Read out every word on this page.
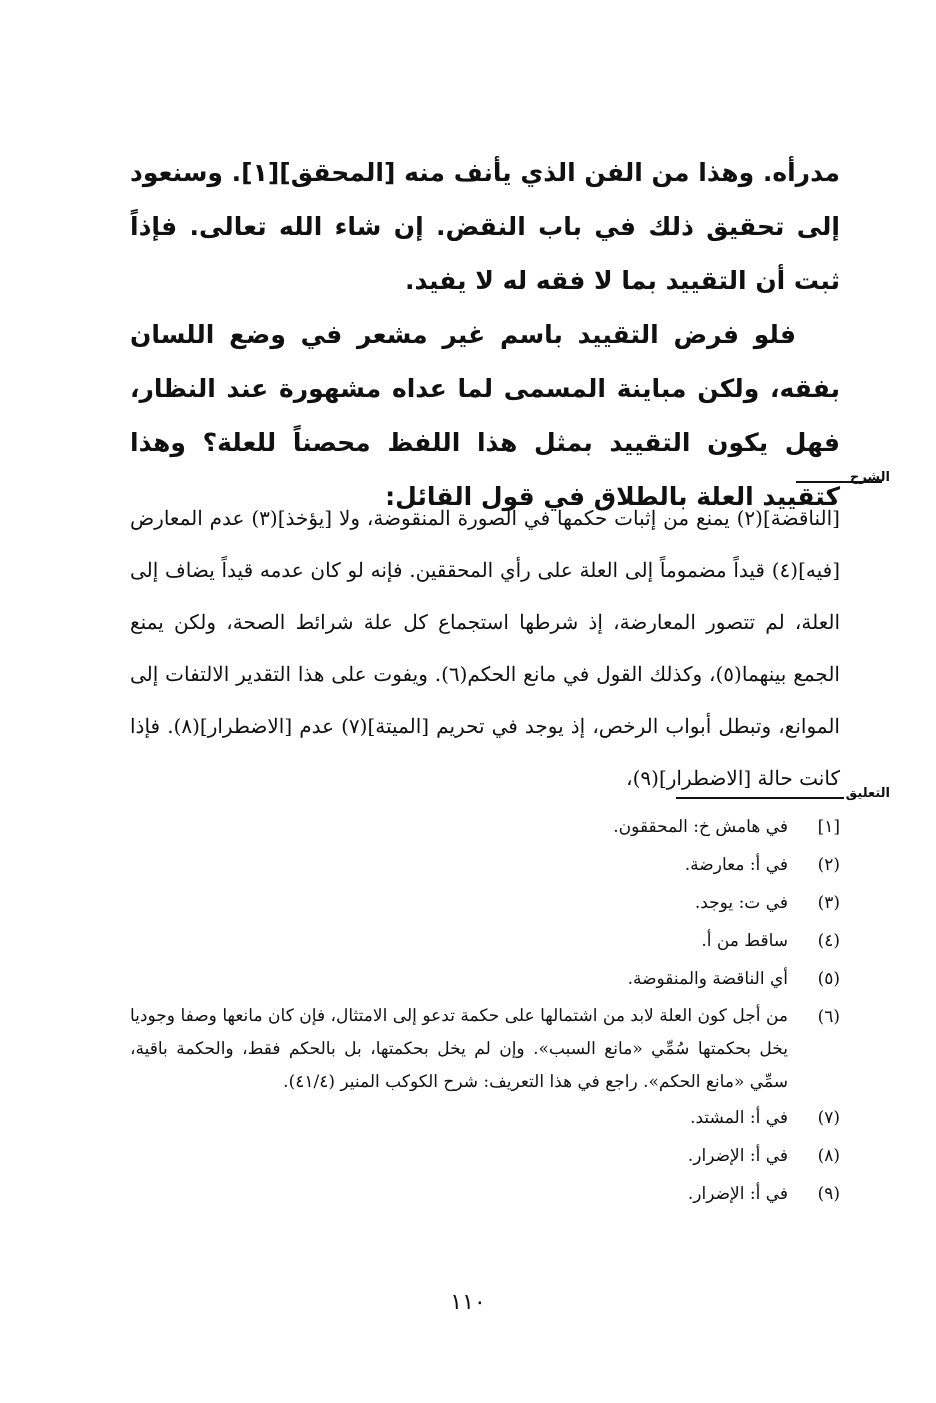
مدرأه. وهذا من الفن الذي يأنف منه [المحقق][١]. وسنعود إلى تحقيق ذلك في باب النقض. إن شاء الله تعالى. فإذاً ثبت أن التقييد بما لا فقه له لا يفيد.

فلو فرض التقييد باسم غير مشعر في وضع اللسان بفقه، ولكن مباينة المسمى لما عداه مشهورة عند النظار، فهل يكون التقييد بمثل هذا اللفظ محصناً للعلة؟ وهذا كتقييد العلة بالطلاق في قول القائل:

الشرح

[الناقضة](٢) يمنع من إثبات حكمها في الصورة المنقوضة، ولا [يؤخذ](٣) عدم المعارض [فيه](٤) قيداً مضموماً إلى العلة على رأي المحققين. فإنه لو كان عدمه قيداً يضاف إلى العلة، لم تتصور المعارضة، إذ شرطها استجماع كل علة شرائط الصحة، ولكن يمنع الجمع بينهما(٥)، وكذلك القول في مانع الحكم(٦). ويفوت على هذا التقدير الالتفات إلى الموانع، وتبطل أبواب الرخص، إذ يوجد في تحريم [الميتة](٧) عدم [الاضطرار](٨). فإذا كانت حالة [الاضطرار](٩)،

التعليق
[١]
في هامش خ: المحققون.
(٢)
في أ: معارضة.
(٣)
في ت: يوجد.
(٤)
ساقط من أ.
(٥)
أي الناقضة والمنقوضة.
(٦)
من أجل كون العلة لابد من اشتمالها على حكمة تدعو إلى الامتثال، فإن كان مانعها وصفا وجوديا يخل بحكمتها سُمِّي «مانع السبب». وإن لم يخل بحكمتها، بل بالحكم فقط، والحكمة باقية، سمِّي «مانع الحكم». راجع في هذا التعريف: شرح الكوكب المنير (٤١/٤).
(٧)
في أ: المشتد.
(٨)
في أ: الإضرار.
(٩)
في أ: الإضرار.
١١٠
